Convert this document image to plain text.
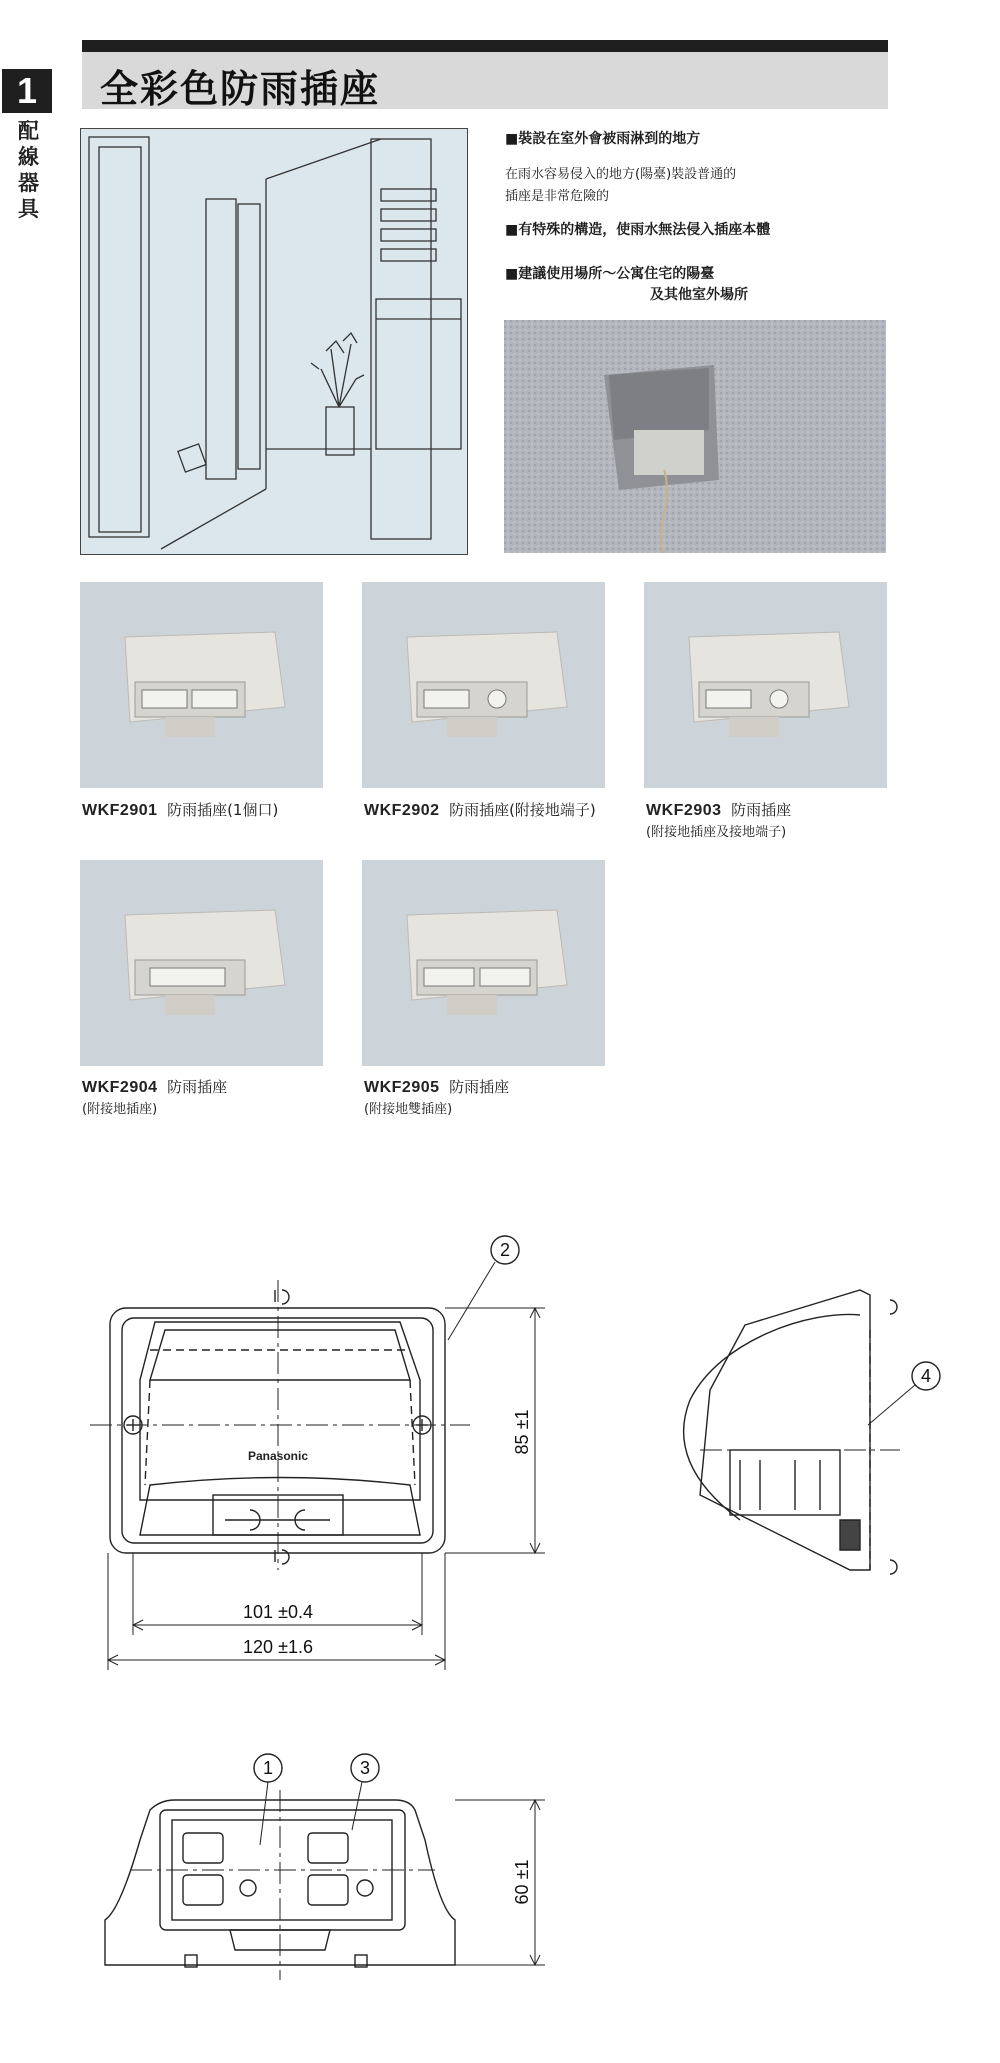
1
配線器具
全彩色防雨插座
■裝設在室外會被雨淋到的地方
在雨水容易侵入的地方(陽臺)裝設普通的
插座是非常危險的
■有特殊的構造，使雨水無法侵入插座本體
■建議使用場所～公寓住宅的陽臺
及其他室外場所
WKF2901 防雨插座(1個口)	WKF2902 防雨插座(附接地端子)	WKF2903 防雨插座
(附接地插座及接地端子)
WKF2904 防雨插座
(附接地插座)
WKF2905 防雨插座
(附接地雙插座)
2
4
1	3
Panasonic
85 ±1
101 ±0.4
120 ±1.6
60 ±1
